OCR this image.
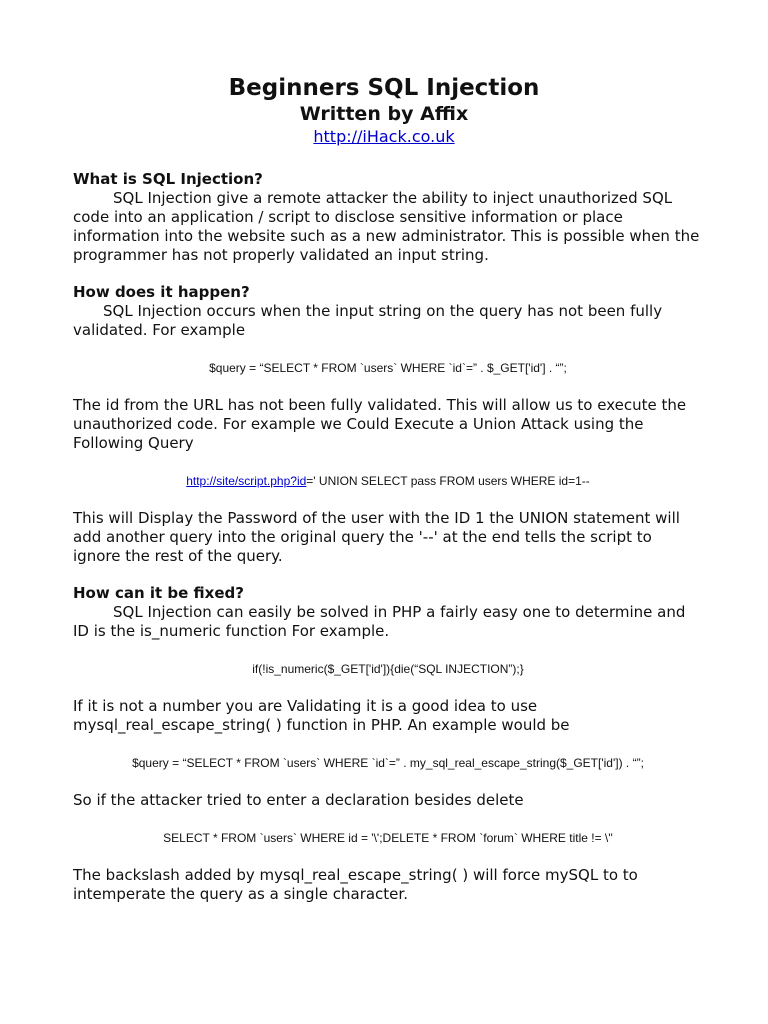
Beginners SQL Injection
Written by Affix
http://iHack.co.uk
What is SQL Injection?

SQL Injection give a remote attacker the ability to inject unauthorized SQL code into an application / script to disclose sensitive information or place information into the website such as a new administrator. This is possible when the programmer has not properly validated an input string.

How does it happen?

SQL Injection occurs when the input string on the query has not been fully validated. For example

$query = “SELECT * FROM `users` WHERE `id`=” . $_GET['id'] . “”;

The id from the URL has not been fully validated. This will allow us to execute the unauthorized code. For example we Could Execute a Union Attack using the Following Query

http://site/script.php?id=' UNION SELECT pass FROM users WHERE id=1--

This will Display the Password of the user with the ID 1 the UNION statement will add another query into the original query the '--' at the end tells the script to ignore the rest of the query.

How can it be fixed?

SQL Injection can easily be solved in PHP a fairly easy one to determine and ID is the is_numeric function For example.

if(!is_numeric($_GET['id']){die(“SQL INJECTION”);}

If it is not a number you are Validating it is a good idea to use mysql_real_escape_string( ) function in PHP. An example would be

$query = “SELECT * FROM `users` WHERE `id`=” . my_sql_real_escape_string($_GET['id']) . “”;

So if the attacker tried to enter a declaration besides delete

SELECT * FROM `users` WHERE id = '\';DELETE * FROM `forum` WHERE title != \''

The backslash added by mysql_real_escape_string( ) will force mySQL to to intemperate the query as a single character.
